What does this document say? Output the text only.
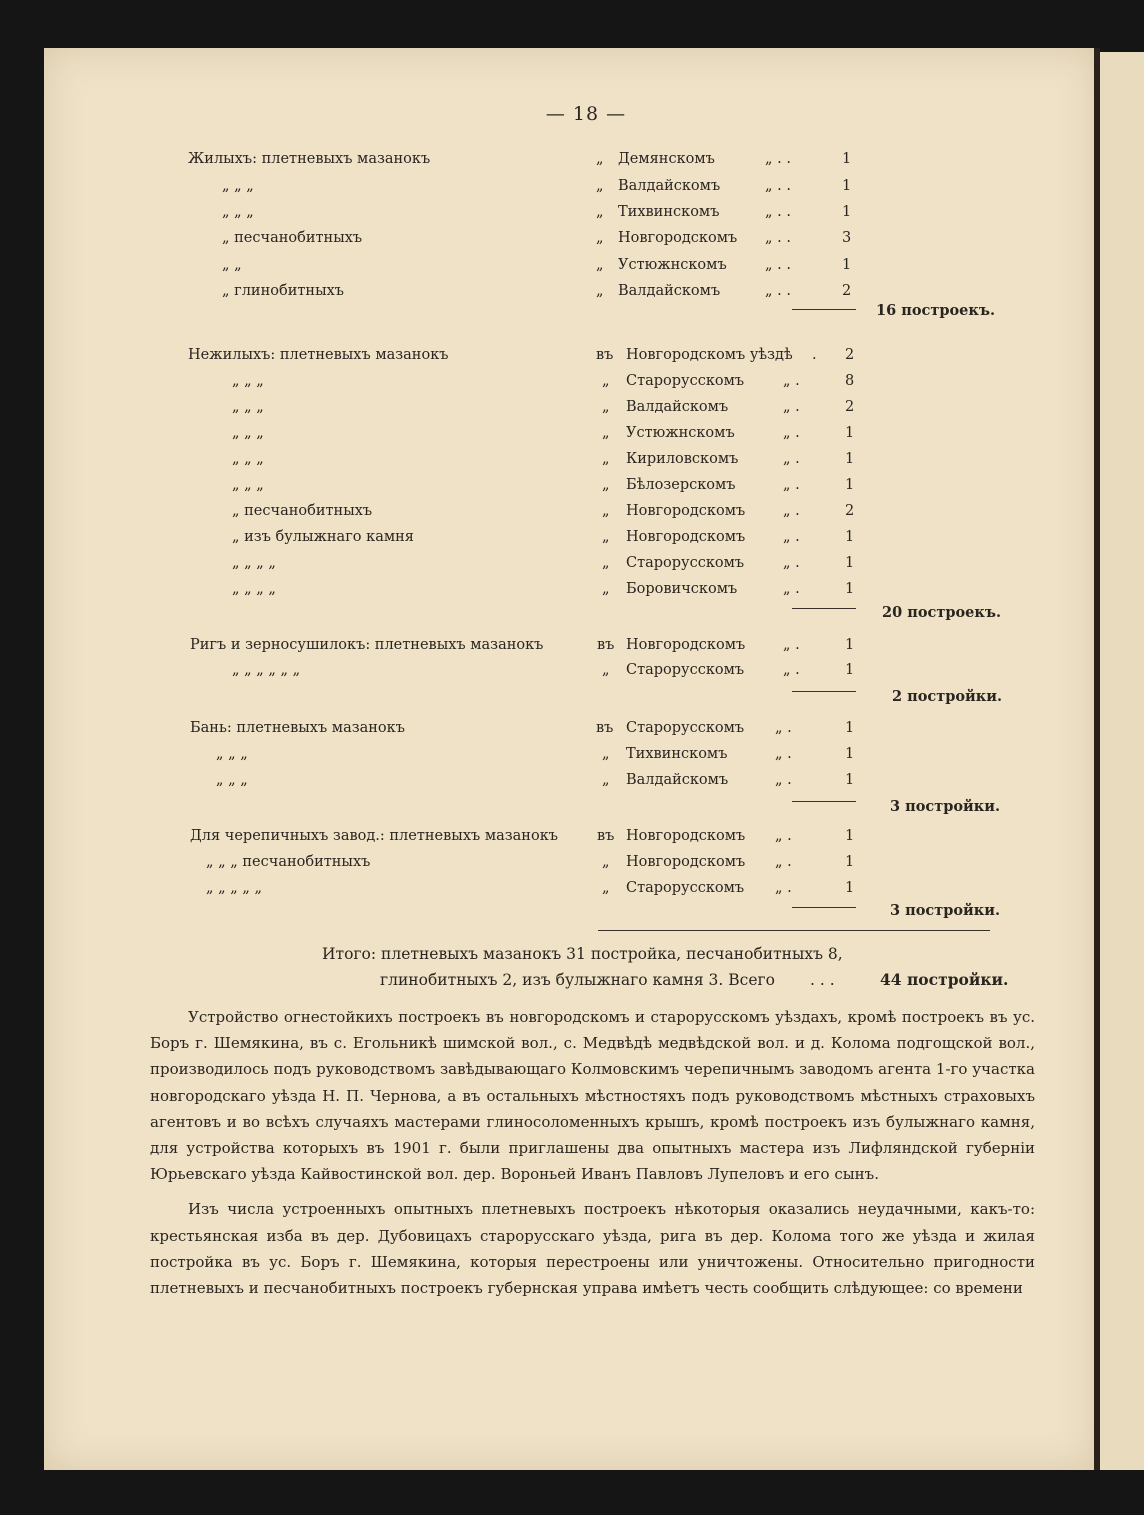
— 18 —
Жилыхъ: плетневыхъ мазанокъ	„ Демянскомъ	„ . .	1
„ „ „	„ Валдайскомъ	„ . .	1
„ „ „	„ Тихвинскомъ	„ . .	1
„ песчанобитныхъ	„ Новгородскомъ „ . .	3
„ „	„ Устюжнскомъ	„ . .	1
„ глинобитныхъ	„ Валдайскомъ	„ . .	2
16 построекъ.
Нежилыхъ: плетневыхъ мазанокъ	въ Новгородскомъ уѣздѣ . 2
„ „ „	„ Старорусскомъ	„ .	8
„ „ „	„ Валдайскомъ	„ .	2
„ „ „	„ Устюжнскомъ	„ .	1
„ „ „	„ Кириловскомъ	„ .	1
„ „ „	„ Бѣлозерскомъ	„ .	1
„ песчанобитныхъ	„ Новгородскомъ	„ .	2
„ изъ булыжнаго камня	„ Новгородскомъ	„ .	1
„ „ „ „	„ Старорусскомъ	„ .	1
„ „ „ „	„ Боровичскомъ	„ .	1
20 построекъ.
Ригъ и зерносушилокъ: плетневыхъ мазанокъ	въ Новгородскомъ	„ .	1
„ „ „ „ „ „	„ Старорусскомъ	„ .	1
2 постройки.
Бань: плетневыхъ мазанокъ	въ Старорусскомъ „ .	1
„ „ „	„ Тихвинскомъ	„ .	1
„ „ „	„ Валдайскомъ	„ .	1
3 постройки.
Для черепичныхъ завод.: плетневыхъ мазанокъ	въ Новгородскомъ „ .	1
„ „ „ песчанобитныхъ	„ Новгородскомъ „ .	1
„ „ „ „ „	„ Старорусскомъ „ .	1
3 постройки.
Итого: плетневыхъ мазанокъ 31 постройка, песчанобитныхъ 8,
глинобитныхъ 2, изъ булыжнаго камня 3. Всего . . .	44 постройки.

Устройство огнестойкихъ построекъ въ новгородскомъ и старорусскомъ уѣздахъ, кромѣ построекъ въ ус. Боръ г. Шемякина, въ с. Егольникѣ шимской вол., с. Медвѣдѣ медвѣдской вол. и д. Колома подгощской вол., производилось подъ руководствомъ завѣдывающаго Колмовскимъ черепичнымъ заводомъ агента 1-го участка новгородскаго уѣзда Н. П. Чернова, а въ остальныхъ мѣстностяхъ подъ руководствомъ мѣстныхъ страховыхъ агентовъ и во всѣхъ случаяхъ мастерами глиносоломенныхъ крышъ, кромѣ построекъ изъ булыжнаго камня, для устройства которыхъ въ 1901 г. были приглашены два опытныхъ мастера изъ Лифляндской губерніи Юрьевскаго уѣзда Кайвостинской вол. дер. Вороньей Иванъ Павловъ Лупеловъ и его сынъ.

Изъ числа устроенныхъ опытныхъ плетневыхъ построекъ нѣкоторыя оказались неудачными, какъ-то: крестьянская изба въ дер. Дубовицахъ старорусскаго уѣзда, рига въ дер. Колома того же уѣзда и жилая постройка въ ус. Боръ г. Шемякина, которыя перестроены или уничтожены. Относительно пригодности плетневыхъ и песчанобитныхъ построекъ губернская управа имѣетъ честь сообщить слѣдующее: со времени
